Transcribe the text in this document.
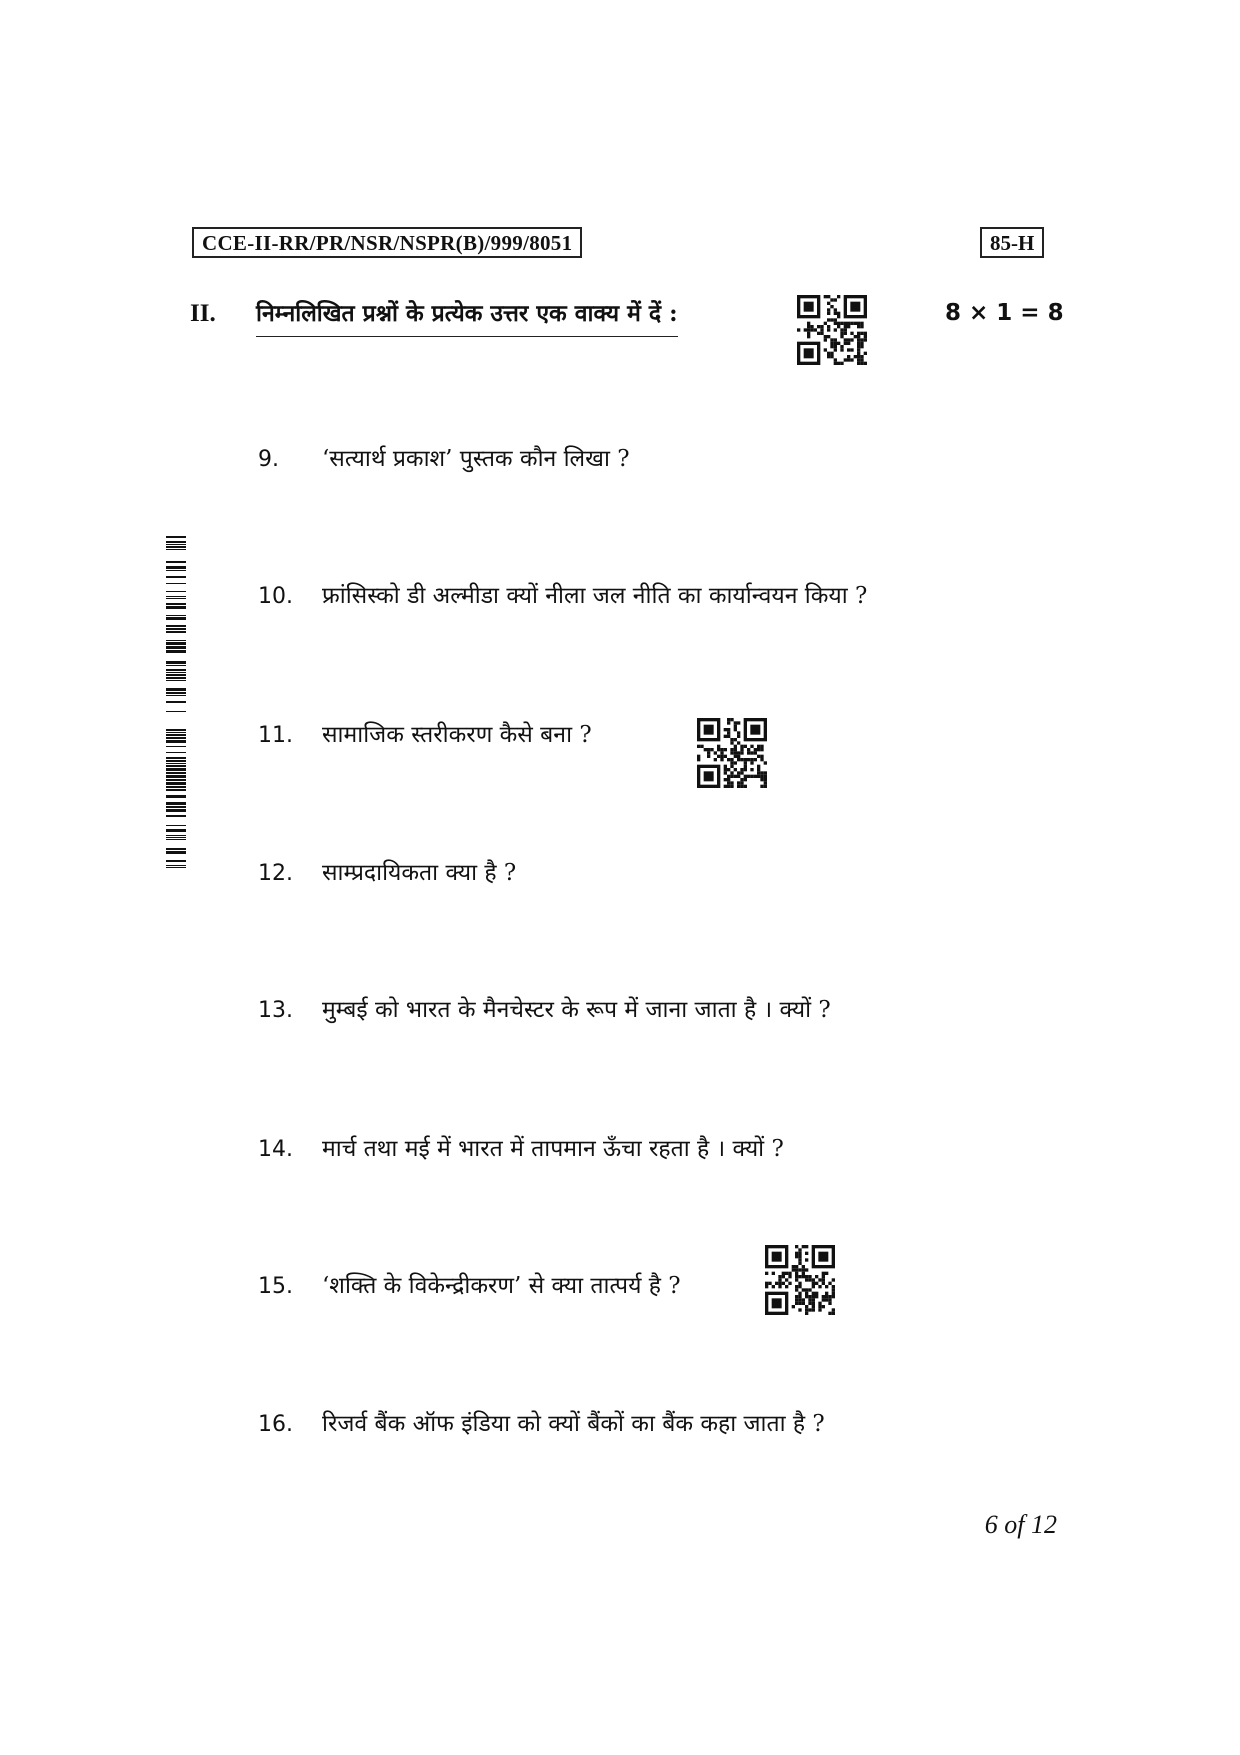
CCE-II-RR/PR/NSR/NSPR(B)/999/8051	85-H
II. निम्नलिखित प्रश्नों के प्रत्येक उत्तर एक वाक्य में दें :	8 × 1 = 8
9. ‘सत्यार्थ प्रकाश’ पुस्तक कौन लिखा ?
10. फ्रांसिस्को डी अल्मीडा क्यों नीला जल नीति का कार्यान्वयन किया ?
11. सामाजिक स्तरीकरण कैसे बना ?
12. साम्प्रदायिकता क्या है ?
13. मुम्बई को भारत के मैनचेस्टर के रूप में जाना जाता है । क्यों ?
14. मार्च तथा मई में भारत में तापमान ऊँचा रहता है । क्यों ?
15. ‘शक्ति के विकेन्द्रीकरण’ से क्या तात्पर्य है ?
16. रिजर्व बैंक ऑफ इंडिया को क्यों बैंकों का बैंक कहा जाता है ?
6 of 12
